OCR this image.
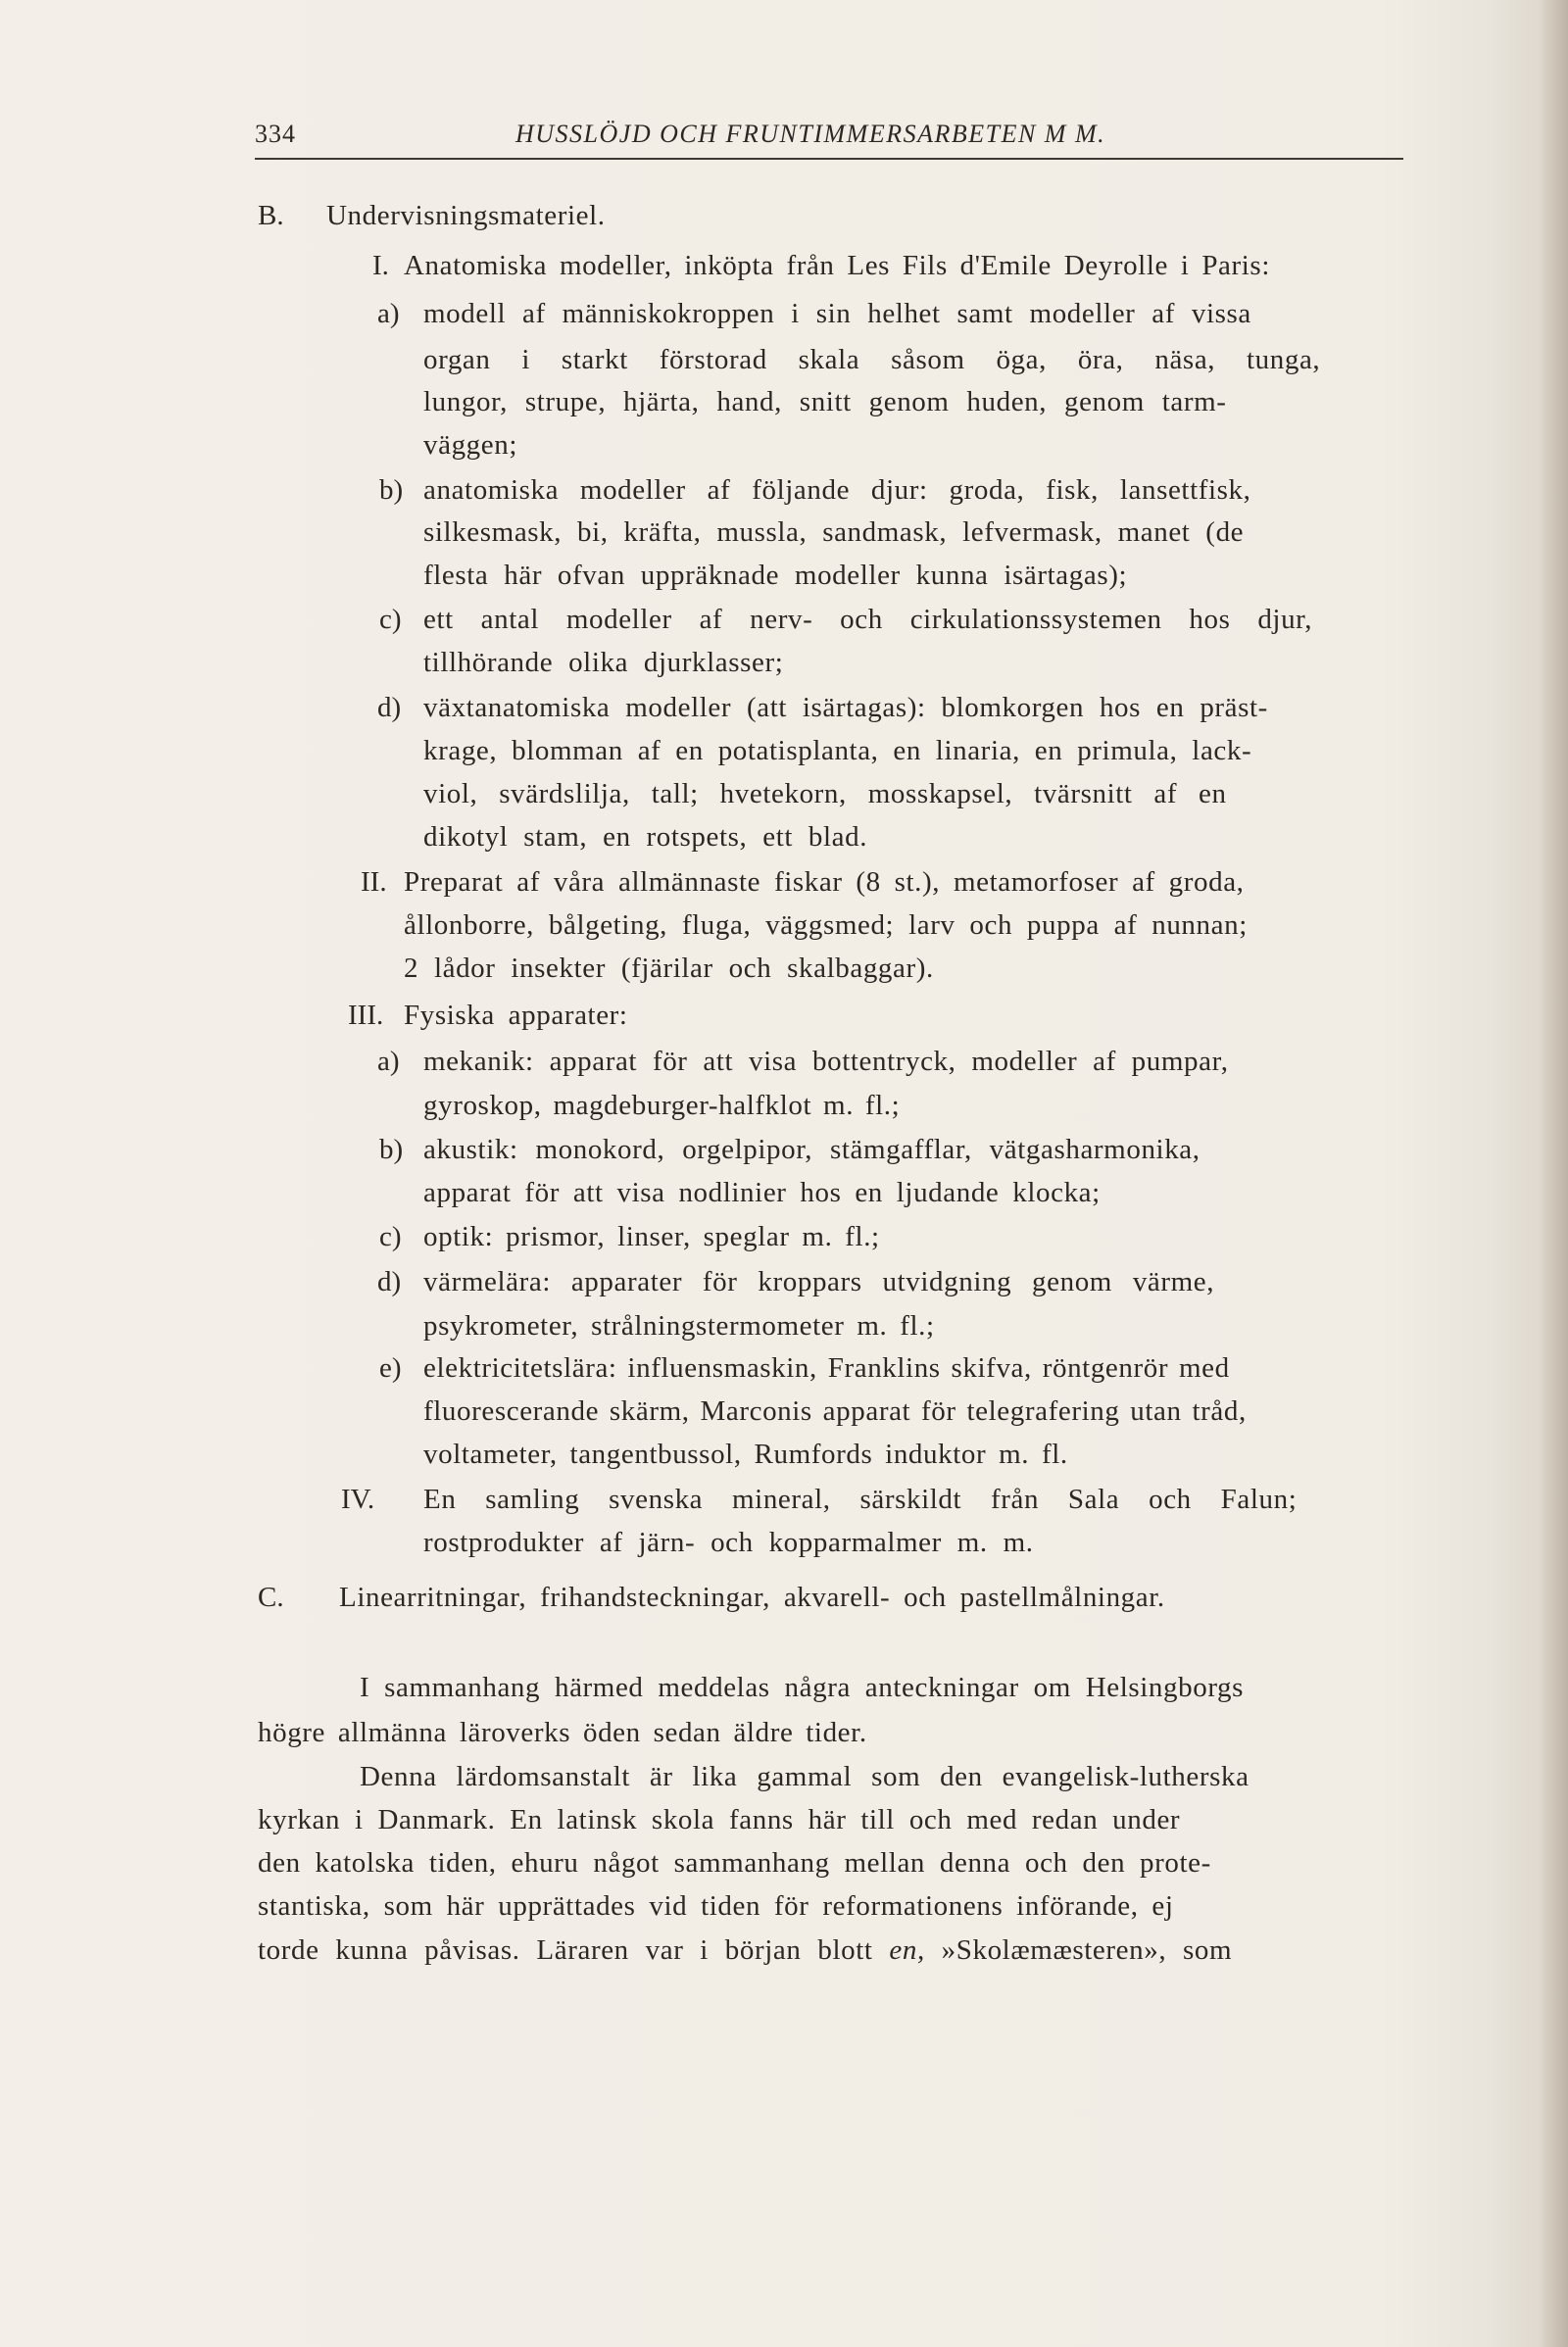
334	HUSSLÖJD OCH FRUNTIMMERSARBETEN M M.
B. Undervisningsmateriel.
I. Anatomiska modeller, inköpta från Les Fils d'Emile Deyrolle i Paris:
a) modell af människokroppen i sin helhet samt modeller af vissa
organ i starkt förstorad skala såsom öga, öra, näsa, tunga,
lungor, strupe, hjärta, hand, snitt genom huden, genom tarm-
väggen;
b) anatomiska modeller af följande djur: groda, fisk, lansettfisk,
silkesmask, bi, kräfta, mussla, sandmask, lefvermask, manet (de
flesta här ofvan uppräknade modeller kunna isärtagas);
c) ett antal modeller af nerv- och cirkulationssystemen hos djur,
tillhörande olika djurklasser;
d) växtanatomiska modeller (att isärtagas): blomkorgen hos en präst-
krage, blomman af en potatisplanta, en linaria, en primula, lack-
viol, svärdslilja, tall; hvetekorn, mosskapsel, tvärsnitt af en
dikotyl stam, en rotspets, ett blad.
II. Preparat af våra allmännaste fiskar (8 st.), metamorfoser af groda,
ållonborre, bålgeting, fluga, väggsmed; larv och puppa af nunnan;
2 lådor insekter (fjärilar och skalbaggar).
III. Fysiska apparater:
a) mekanik: apparat för att visa bottentryck, modeller af pumpar,
gyroskop, magdeburger-halfklot m. fl.;
b) akustik: monokord, orgelpipor, stämgafflar, vätgasharmonika,
apparat för att visa nodlinier hos en ljudande klocka;
c) optik: prismor, linser, speglar m. fl.;
d) värmelära: apparater för kroppars utvidgning genom värme,
psykrometer, strålningstermometer m. fl.;
e) elektricitetslära: influensmaskin, Franklins skifva, röntgenrör med
fluorescerande skärm, Marconis apparat för telegrafering utan tråd,
voltameter, tangentbussol, Rumfords induktor m. fl.
IV. En samling svenska mineral, särskildt från Sala och Falun;
rostprodukter af järn- och kopparmalmer m. m.
C. Linearritningar, frihandsteckningar, akvarell- och pastellmålningar.
I sammanhang härmed meddelas några anteckningar om Helsingborgs
högre allmänna läroverks öden sedan äldre tider.
Denna lärdomsanstalt är lika gammal som den evangelisk-lutherska
kyrkan i Danmark. En latinsk skola fanns här till och med redan under
den katolska tiden, ehuru något sammanhang mellan denna och den prote-
stantiska, som här upprättades vid tiden för reformationens införande, ej
torde kunna påvisas. Läraren var i början blott en, »Skolæmæsteren», som
